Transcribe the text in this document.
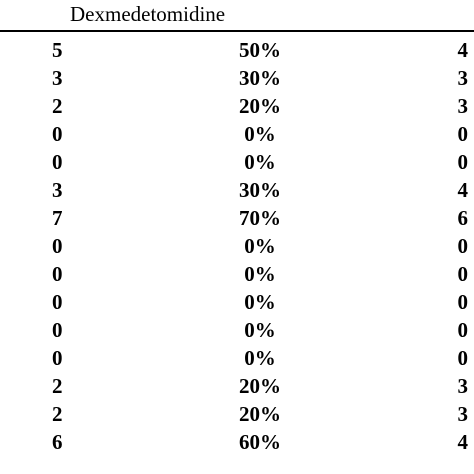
Dexmedetomidine
5	50%	4
3	30%	3
2	20%	3
0	0%	0
0	0%	0
3	30%	4
7	70%	6
0	0%	0
0	0%	0
0	0%	0
0	0%	0
0	0%	0
2	20%	3
2	20%	3
6	60%	4
